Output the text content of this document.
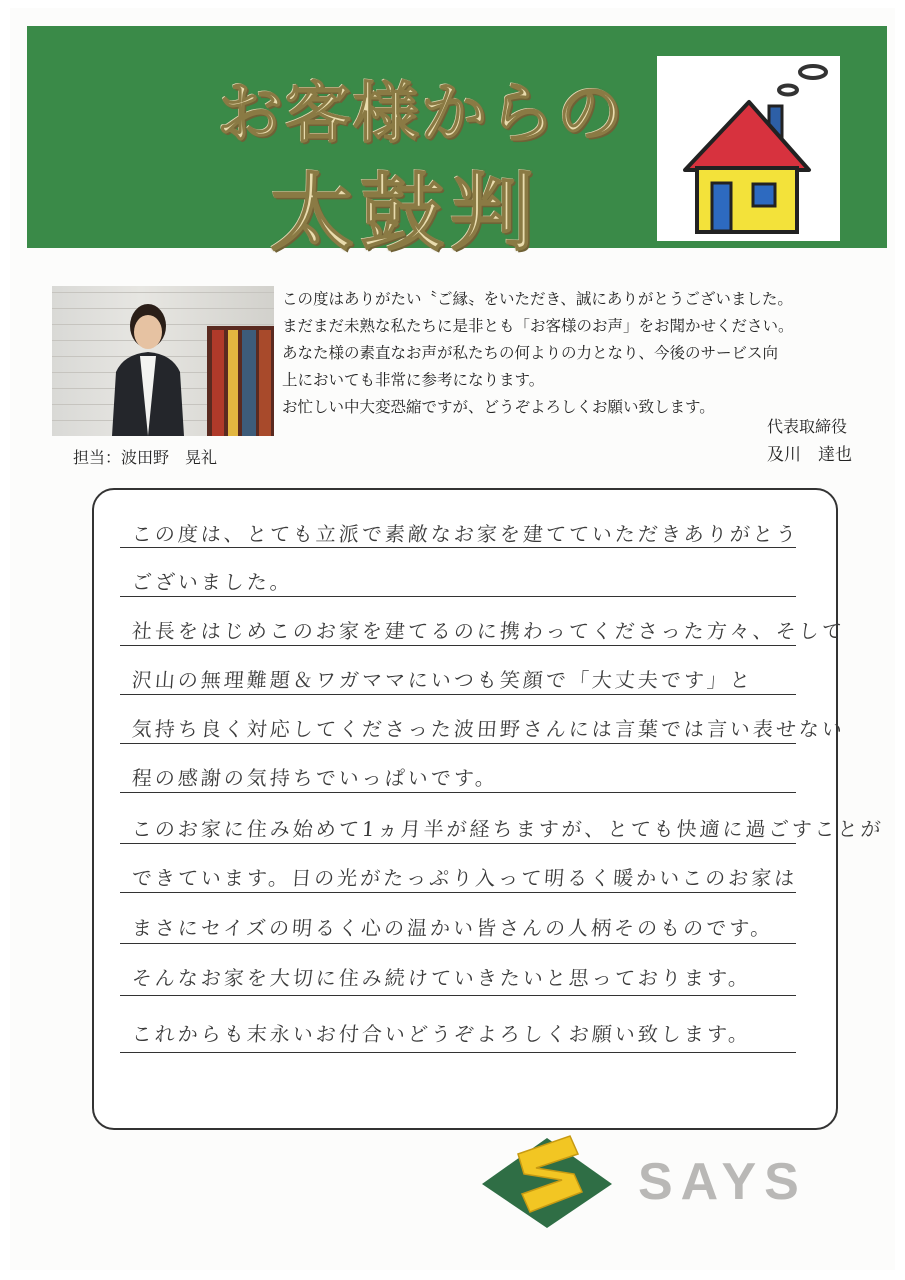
お客様からの
太鼓判
担当：波田野　晃礼

この度はありがたい〝ご縁〟をいただき、誠にありがとうございました。

まだまだ未熟な私たちに是非とも「お客様のお声」をお聞かせください。

あなた様の素直なお声が私たちの何よりの力となり、今後のサービス向

上においても非常に参考になります。

お忙しい中大変恐縮ですが、どうぞよろしくお願い致します。

代表取締役
及川　達也
この度は、とても立派で素敵なお家を建てていただきありがとう
ございました。
社長をはじめこのお家を建てるのに携わってくださった方々、そして
沢山の無理難題＆ワガママにいつも笑顔で「大丈夫です」と
気持ち良く対応してくださった波田野さんには言葉では言い表せない
程の感謝の気持ちでいっぱいです。
このお家に住み始めて1ヵ月半が経ちますが、とても快適に過ごすことが
できています。日の光がたっぷり入って明るく暖かいこのお家は
まさにセイズの明るく心の温かい皆さんの人柄そのものです。
そんなお家を大切に住み続けていきたいと思っております。
これからも末永いお付合いどうぞよろしくお願い致します。
SAYS
